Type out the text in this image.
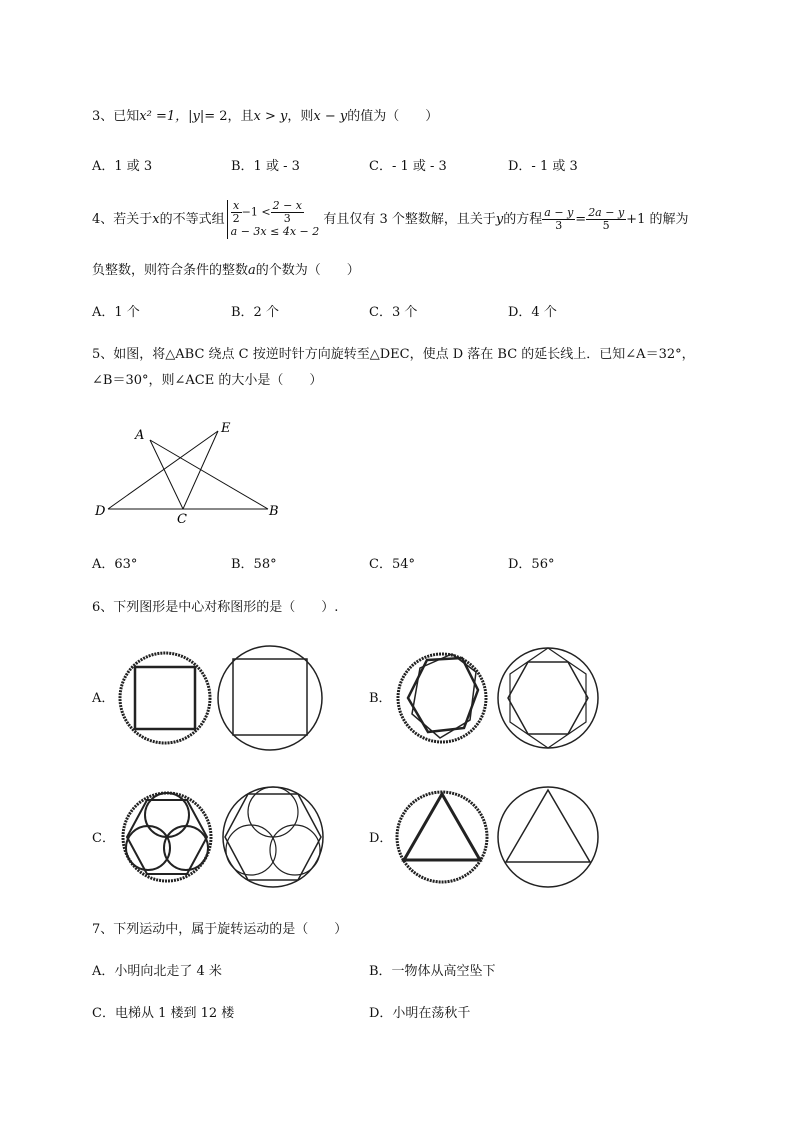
3、已知x² =1，|y|= 2，且x > y，则x − y的值为（　　）
A．1 或 3	B．1 或 - 3	C．- 1 或 - 3	D．- 1 或 3
4、若关于x的不等式组 $\frac{x}{2} -1 < \frac{2 - x}{3}$
a − 3x ≤ 4x − 2
有且仅有 3 个整数解，且关于y的方程 $\frac{a - y}{3} = \frac{2a - y}{5} +1$ 的解为
负整数，则符合条件的整数a的个数为（　　）
A．1 个	B．2 个	C．3 个	D．4 个
5、如图，将△ABC 绕点 C 按逆时针方向旋转至△DEC，使点 D 落在 BC 的延长线上．已知∠A＝32°，
∠B＝30°，则∠ACE 的大小是（　　）
A	E
D
C
B
A．63°	B．58°	C．54°	D．56°
6、下列图形是中心对称图形的是（　　）.
A．	B．
C．	D．
7、下列运动中，属于旋转运动的是（　　）
A．小明向北走了 4 米	B．一物体从高空坠下
C．电梯从 1 楼到 12 楼	D．小明在荡秋千
